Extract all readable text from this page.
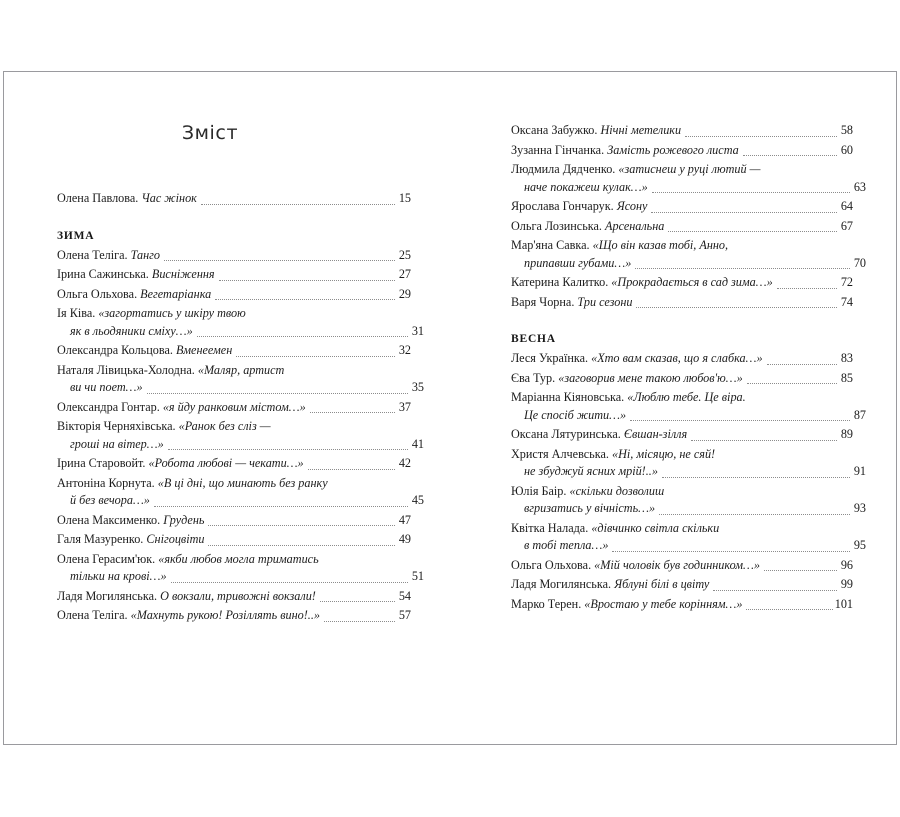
Зміст
Олена Павлова. Час жінок	15
ЗИМА
Олена Теліга. Танго	25
Ірина Сажинська. Висніження	27
Ольга Ольхова. Вегетаріанка	29
Ія Ківа. «загортатись у шкіру твою
як в льодяники сміху…»	31
Олександра Кольцова. Вменеемен	32
Наталя Лівицька-Холодна. «Маляр, артист
ви чи поет…»	35
Олександра Гонтар. «я йду ранковим містом…»	37
Вікторія Черняхівська. «Ранок без сліз —
гроші на вітер…»	41
Ірина Старовойт. «Робота любові — чекати…»	42
Антоніна Корнута. «В ці дні, що минають без ранку
й без вечора…»	45
Олена Максименко. Грудень	47
Галя Мазуренко. Снігоцвіти	49
Олена Герасим'юк. «якби любов могла триматись
тільки на крові…»	51
Ладя Могилянська. О вокзали, тривожні вокзали!	54
Олена Теліга. «Махнуть рукою! Розіллять вино!..»	57
Оксана Забужко. Нічні метелики	58
Зузанна Гінчанка. Замість рожевого листа	60
Людмила Дядченко. «затиснеш у руці лютий —
наче покажеш кулак…»	63
Ярослава Гончарук. Ясону	64
Ольга Лозинська. Арсенальна	67
Мар'яна Савка. «Що він казав тобі, Анно,
припавши губами…»	70
Катерина Калитко. «Прокрадається в сад зима…»	72
Варя Чорна. Три сезони	74
ВЕСНА
Леся Українка. «Хто вам сказав, що я слабка…»	83
Єва Тур. «заговорив мене такою любов'ю…»	85
Маріанна Кіяновська. «Люблю тебе. Це віра.
Це спосіб жити…»	87
Оксана Лятуринська. Євшан-зілля	89
Христя Алчевська. «Ні, місяцю, не сяй!
не збуджуй ясних мрій!..»	91
Юлія Баір. «скільки дозволиш
вгризатись у вічність…»	93
Квітка Налада. «дівчинко світла скільки
в тобі тепла…»	95
Ольга Ольхова. «Мій чоловік був годинником…»	96
Ладя Могилянська. Яблуні білі в цвіту	99
Марко Терен. «Вростаю у тебе корінням…»	101
